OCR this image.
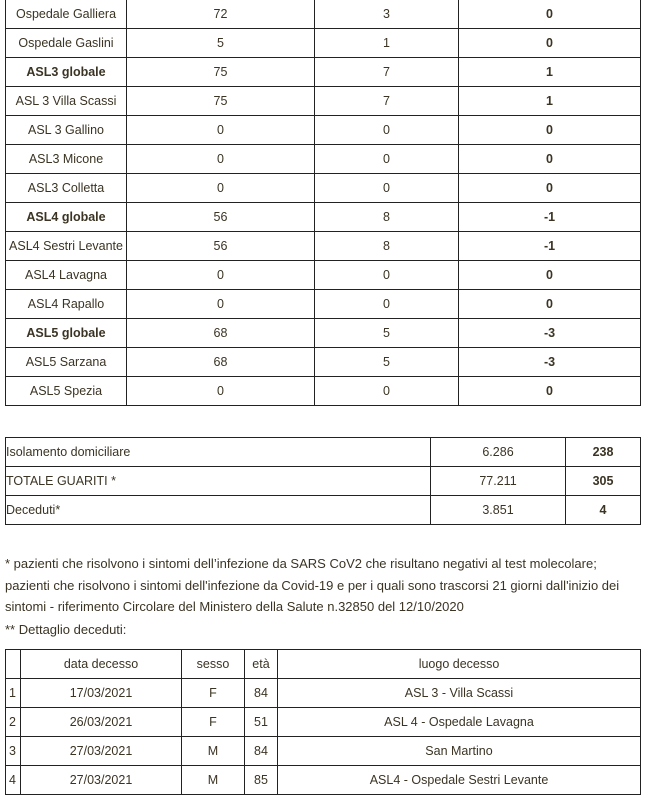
Ospedale Galliera	72	3	0
Ospedale Gaslini	5	1	0
ASL3 globale	75	7	1
ASL 3 Villa Scassi	75	7	1
ASL 3 Gallino	0	0	0
ASL3 Micone	0	0	0
ASL3 Colletta	0	0	0
ASL4 globale	56	8	-1
ASL4 Sestri Levante	56	8	-1
ASL4 Lavagna	0	0	0
ASL4 Rapallo	0	0	0
ASL5 globale	68	5	-3
ASL5 Sarzana	68	5	-3
ASL5 Spezia	0	0	0
Isolamento domiciliare	6.286	238
TOTALE GUARITI *	77.211	305
Deceduti*	3.851	4
* pazienti che risolvono i sintomi dell’infezione da SARS CoV2 che risultano negativi al test molecolare; pazienti che risolvono i sintomi dell'infezione da Covid-19 e per i quali sono trascorsi 21 giorni dall'inizio dei sintomi - riferimento Circolare del Ministero della Salute n.32850 del 12/10/2020
** Dettaglio deceduti:
	data decesso	sesso	età	luogo decesso
1	17/03/2021	F	84	ASL 3 - Villa Scassi
2	26/03/2021	F	51	ASL 4 - Ospedale Lavagna
3	27/03/2021	M	84	San Martino
4	27/03/2021	M	85	ASL4 - Ospedale Sestri Levante
